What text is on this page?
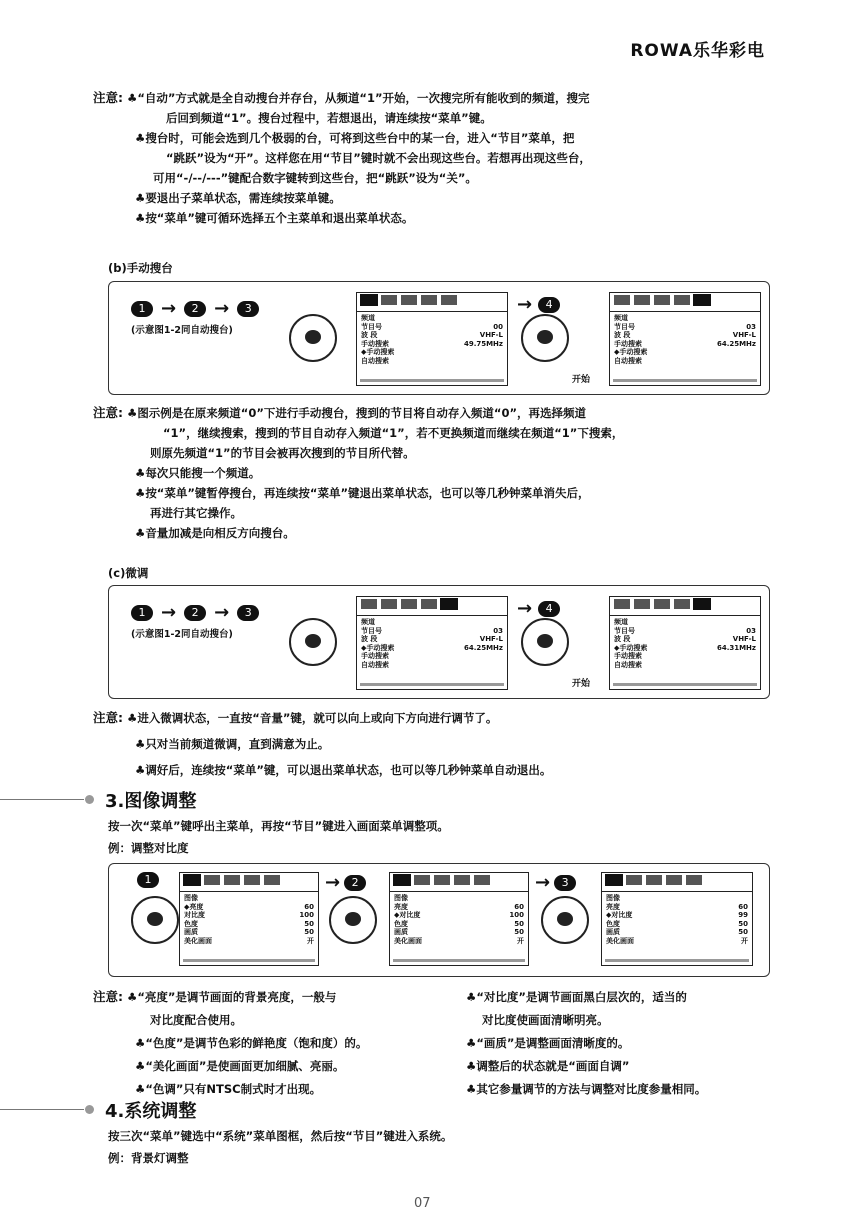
ROWA乐华彩电
注意:	♣ “自动”方式就是全自动搜台并存台，从频道“1”开始，一次搜完所有能收到的频道，搜完
后回到频道“1”。搜台过程中，若想退出，请连续按“菜单”键。
♣ 搜台时，可能会选到几个极弱的台，可将到这些台中的某一台，进入“节目”菜单，把
“跳跃”设为“开”。这样您在用“节目”键时就不会出现这些台。若想再出现这些台，
可用“-/--/---”键配合数字键转到这些台，把“跳跃”设为“关”。
♣ 要退出子菜单状态，需连续按菜单键。
♣ 按“菜单”键可循环选择五个主菜单和退出菜单状态。
(b)手动搜台
1 →	2 →	3
(示意图1-2同自动搜台)
频道
节目号	00
波 段	VHF-L
手动搜索	49.75MHz
◆手动搜索
自动搜索
→	4
开始
频道
节目号	03
波 段	VHF-L
手动搜索	64.25MHz
◆手动搜索
自动搜索
注意:	♣ 图示例是在原来频道“0”下进行手动搜台，搜到的节目将自动存入频道“0”，再选择频道
“1”，继续搜索，搜到的节目自动存入频道“1”，若不更换频道而继续在频道“1”下搜索，
则原先频道“1”的节目会被再次搜到的节目所代替。
♣ 每次只能搜一个频道。
♣ 按“菜单”键暂停搜台，再连续按“菜单”键退出菜单状态，也可以等几秒钟菜单消失后，
再进行其它操作。
♣ 音量加减是向相反方向搜台。
(c)微调
1 →	2 →	3
(示意图1-2同自动搜台)
频道
节目号	03
波 段	VHF-L
◆手动搜索	64.25MHz
手动搜索
自动搜索
→	4
开始
频道
节目号	03
波 段	VHF-L
◆手动搜索	64.31MHz
手动搜索
自动搜索
注意:	♣ 进入微调状态，一直按“音量”键，就可以向上或向下方向进行调节了。
♣ 只对当前频道微调，直到满意为止。
♣ 调好后，连续按“菜单”键，可以退出菜单状态，也可以等几秒钟菜单自动退出。
3.图像调整
按一次“菜单”键呼出主菜单，再按“节目”键进入画面菜单调整项。
例：调整对比度
1
图像
◆亮度	60
对比度	100
色度	50
画质	50
美化画面	开
→	2
图像
亮度	60
◆对比度	100
色度	50
画质	50
美化画面	开
→	3
图像
亮度	60
◆对比度	99
色度	50
画质	50
美化画面	开
注意:	♣ “亮度”是调节画面的背景亮度，一般与
对比度配合使用。
♣ “色度”是调节色彩的鲜艳度（饱和度）的。
♣ “美化画面”是使画面更加细腻、亮丽。
♣ “色调”只有NTSC制式时才出现。
♣ “对比度”是调节画面黑白层次的，适当的
对比度使画面清晰明亮。
♣ “画质”是调整画面清晰度的。
♣ 调整后的状态就是“画面自调”
♣ 其它参量调节的方法与调整对比度参量相同。
4.系统调整
按三次“菜单”键选中“系统”菜单图框，然后按“节目”键进入系统。
例：背景灯调整
07
